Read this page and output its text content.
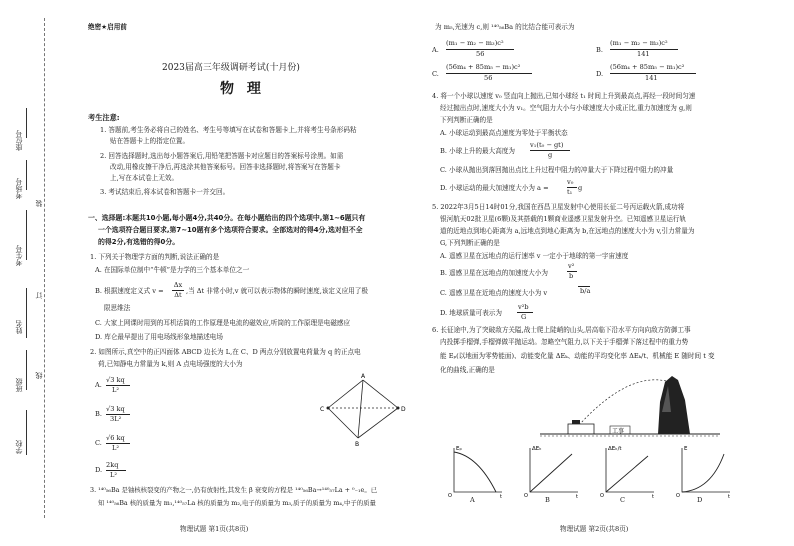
座位号
考场号
考生号
姓名
班级
学校
装
订
线
绝密★启用前
2023届高三年级调研考试(十月份)
物 理
考生注意:
1. 答题前,考生务必将自己的姓名、考生号等填写在试卷和答题卡上,并将考生号条形码粘
贴在答题卡上的指定位置。
2. 回答选择题时,选出每小题答案后,用铅笔把答题卡对应题目的答案标号涂黑。如需
改动,用橡皮擦干净后,再选涂其他答案标号。回答非选择题时,将答案写在答题卡
上,写在本试卷上无效。
3. 考试结束后,将本试卷和答题卡一并交回。
一、选择题:本题共10小题,每小题4分,共40分。在每小题给出的四个选项中,第1~6题只有
一个选项符合题目要求,第7~10题有多个选项符合要求。全部选对的得4分,选对但不全
的得2分,有选错的得0分。
1. 下列关于物理学方面的判断,说法正确的是
A. 在国际单位制中“牛顿”是力学的三个基本单位之一
B. 根据速度定义式 v =
Δx
Δt ,当 Δt 非常小时,v 就可以表示物体的瞬时速度,该定义应用了极
限思维法
C. 大家上网课时用到的耳机话筒的工作原理是电流的磁效应,听筒的工作原理是电磁感应
D. 库仑最早提出了用电场线形象地描述电场
2. 如图所示,真空中的正四面体 ABCD 边长为 L,在 C、D 两点分别放置电荷量为 q 的正点电
荷,已知静电力常量为 k,则 A 点电场强度的大小为
A.
√3 kq
L²
B.
√3 kq
3L²
C.
√6 kq
L²
D.
2kq
L²
A
B
C	D
3. ¹⁴⁰₅₆Ba 是铀核核裂变的产物之一,仍有放射性,其发生 β 衰变的方程是 ¹⁴⁰₅₆Ba→¹⁴⁰₅₇La + ⁰₋₁e。已
知 ¹⁴⁰₅₆Ba 核的质量为 m₁,¹⁴⁰₅₇La 核的质量为 m₂,电子的质量为 m₃,质子的质量为 m₄,中子的质量
物理试题 第1页(共8页)
为 m₅,光速为 c,则 ¹⁴⁰₅₆Ba 的比结合能可表示为
A.
(m₁ − m₂ − m₃)c²
56	B.
(m₁ − m₂ − m₃)c²
141
C.
(56m₄ + 85m₅ − m₁)c²
56	D.
(56m₄ + 85m₅ − m₁)c²
141
4. 将一个小球以速度 v₀ 竖直向上抛出,已知小球经 t₁ 时间上升到最高点,再经一段时间匀速
经过抛出点时,速度大小为 v₁。空气阻力大小与小球速度大小成正比,重力加速度为 g,则
下列判断正确的是
A. 小球运动到最高点速度为零处于平衡状态
B. 小球上升的最大高度为
v₁(t₀ − gt)
g
C. 小球从抛出到落回抛出点比上升过程中阻力的冲量大于下降过程中阻力的冲量
D. 小球运动的最大加速度大小为 a =
v₀
t₁ g
5. 2022年3月5日14时01分,我国在西昌卫星发射中心使用长征二号丙运载火箭,成功将
银河航天02批卫星(6颗)及其搭载的1颗商业遥感卫星发射升空。已知遥感卫星运行轨
道的近地点到地心距离为 a,远地点到地心距离为 b,在远地点的速度大小为 v,引力常量为
G,下列判断正确的是
A. 遥感卫星在远地点的运行速率 v 一定小于地球的第一宇宙速度
B. 遥感卫星在远地点的加速度大小为
v²
b
C. 遥感卫星在近地点的速度大小为 v	b/a
D. 地球质量可表示为
v²b
G
6. 长征途中,为了突破敌方关隘,战士爬上陡峭的山头,居高临下沿水平方向向敌方防御工事
内投掷手榴弹,手榴弹做平抛运动。忽略空气阻力,以下关于手榴弹下落过程中的重力势
能 Eₚ(以地面为零势能面)、动能变化量 ΔEₖ、动能的平均变化率 ΔEₖ/t、机械能 E 随时间 t 变
化的曲线,正确的是
工事
Eₚ
O	t
ΔEₖ
O	t
ΔEₖ/t
O	t
E
O	t
A	B	C	D
物理试题 第2页(共8页)
